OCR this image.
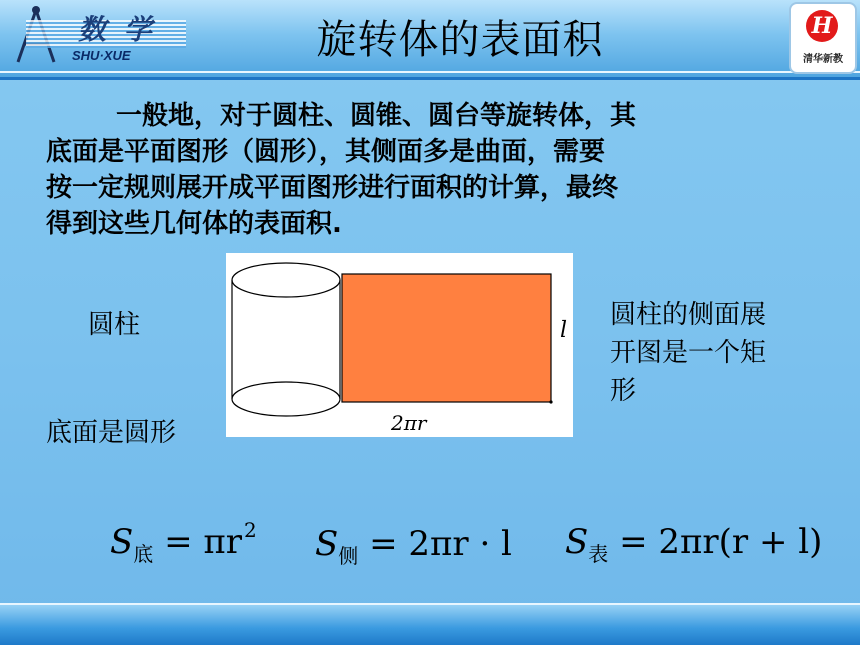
数 学
SHU·XUE	旋转体的表面积	H
清华新教
一般地，对于圆柱、圆锥、圆台等旋转体，其
底面是平面图形（圆形），其侧面多是曲面，需要
按一定规则展开成平面图形进行面积的计算，最终
得到这些几何体的表面积.
圆柱
底面是圆形
l
2πr
圆柱的侧面展
开图是一个矩
形
$S_底 = \pi r$ $^2$ $S_侧 = 2\pi r \cdot l$ $S_表 = 2\pi r(r + l)$
